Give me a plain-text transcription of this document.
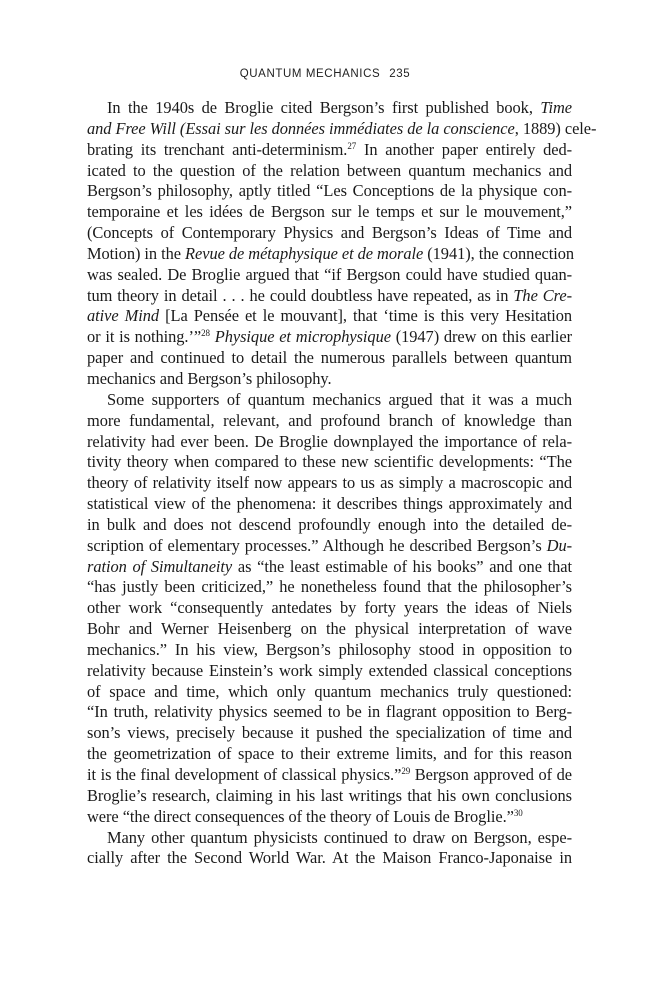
QUANTUM MECHANICS 235

In the 1940s de Broglie cited Bergson’s first published book, Time
and Free Will (Essai sur les données immédiates de la conscience, 1889) cele-
brating its trenchant anti-determinism.$^{27}$ In another paper entirely ded-
icated to the question of the relation between quantum mechanics and
Bergson’s philosophy, aptly titled “Les Conceptions de la physique con-
temporaine et les idées de Bergson sur le temps et sur le mouvement,”
(Concepts of Contemporary Physics and Bergson’s Ideas of Time and
Motion) in the Revue de métaphysique et de morale (1941), the connection
was sealed. De Broglie argued that “if Bergson could have studied quan-
tum theory in detail . . . he could doubtless have repeated, as in The Cre-
ative Mind [La Pensée et le mouvant], that ‘time is this very Hesitation
or it is nothing.’”$^{28}$ Physique et microphysique (1947) drew on this earlier
paper and continued to detail the numerous parallels between quantum
mechanics and Bergson’s philosophy.

Some supporters of quantum mechanics argued that it was a much
more fundamental, relevant, and profound branch of knowledge than
relativity had ever been. De Broglie downplayed the importance of rela-
tivity theory when compared to these new scientific developments: “The
theory of relativity itself now appears to us as simply a macroscopic and
statistical view of the phenomena: it describes things approximately and
in bulk and does not descend profoundly enough into the detailed de-
scription of elementary processes.” Although he described Bergson’s Du-
ration of Simultaneity as “the least estimable of his books” and one that
“has justly been criticized,” he nonetheless found that the philosopher’s
other work “consequently antedates by forty years the ideas of Niels
Bohr and Werner Heisenberg on the physical interpretation of wave
mechanics.” In his view, Bergson’s philosophy stood in opposition to
relativity because Einstein’s work simply extended classical conceptions
of space and time, which only quantum mechanics truly questioned:
“In truth, relativity physics seemed to be in flagrant opposition to Berg-
son’s views, precisely because it pushed the specialization of time and
the geometrization of space to their extreme limits, and for this reason
it is the final development of classical physics.”$^{29}$ Bergson approved of de
Broglie’s research, claiming in his last writings that his own conclusions
were “the direct consequences of the theory of Louis de Broglie.”$^{30}$

Many other quantum physicists continued to draw on Bergson, espe-
cially after the Second World War. At the Maison Franco-Japonaise in
